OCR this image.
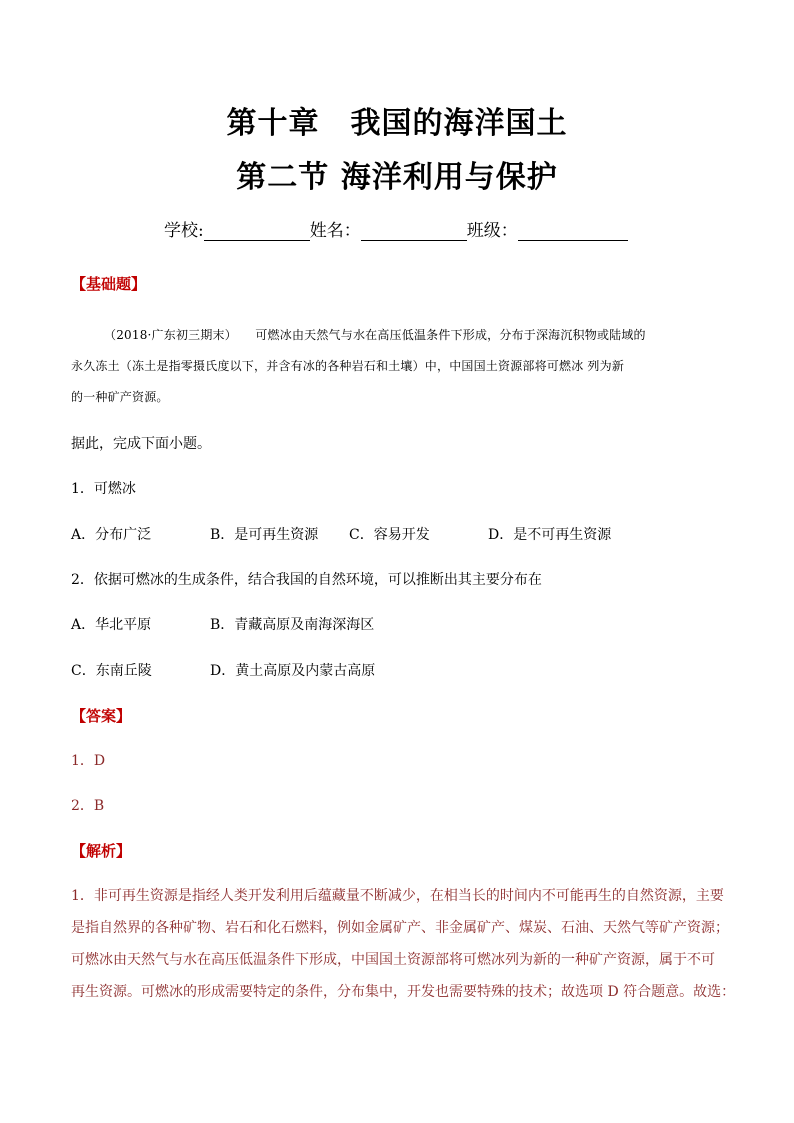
第十章　我国的海洋国土
第二节 海洋利用与保护
学校:	姓名：	班级：
【基础题】
（2018·广东初三期末）　　可燃冰由天然气与水在高压低温条件下形成，分布于深海沉积物或陆域的
永久冻土（冻土是指零摄氏度以下，并含有冰的各种岩石和土壤）中，中国国土资源部将可燃冰 列为新
的一种矿产资源。
据此，完成下面小题。
1．可燃冰
A．分布广泛	B．是可再生资源 C．容易开发	D．是不可再生资源
2．依据可燃冰的生成条件，结合我国的自然环境，可以推断出其主要分布在
A．华北平原	B．青藏高原及南海深海区
C．东南丘陵	D．黄土高原及内蒙古高原
【答案】
1．D
2．B
【解析】
1．非可再生资源是指经人类开发利用后蕴藏量不断减少，在相当长的时间内不可能再生的自然资源，主要
是指自然界的各种矿物、岩石和化石燃料，例如金属矿产、非金属矿产、煤炭、石油、天然气等矿产资源；
可燃冰由天然气与水在高压低温条件下形成，中国国土资源部将可燃冰列为新的一种矿产资源，属于不可
再生资源。可燃冰的形成需要特定的条件，分布集中，开发也需要特殊的技术；故选项 D 符合题意。故选：
